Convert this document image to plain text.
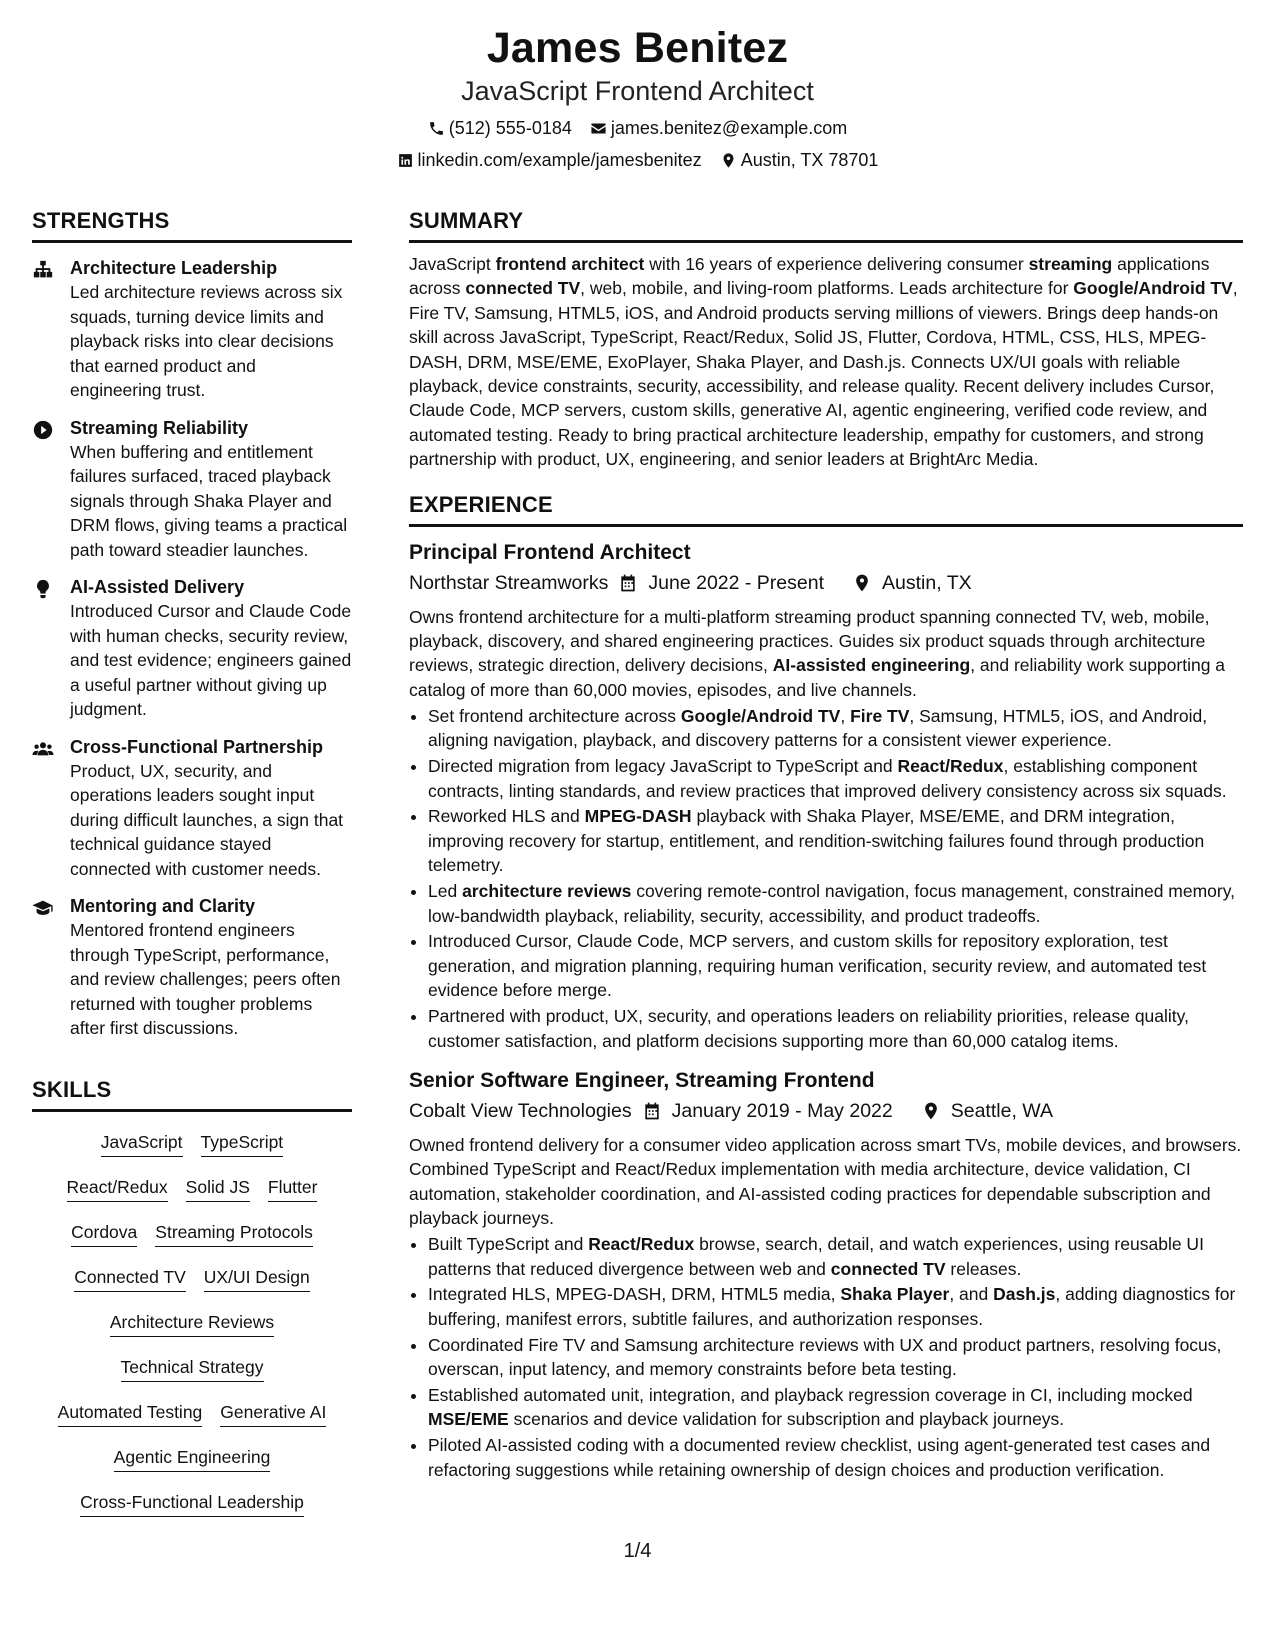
James Benitez
JavaScript Frontend Architect
(512) 555-0184 james.benitez@example.com
linkedin.com/example/jamesbenitez Austin, TX 78701
STRENGTHS
Architecture Leadership
Led architecture reviews across six squads, turning device limits and playback risks into clear decisions that earned product and engineering trust.
Streaming Reliability
When buffering and entitlement failures surfaced, traced playback signals through Shaka Player and DRM flows, giving teams a practical path toward steadier launches.
AI-Assisted Delivery
Introduced Cursor and Claude Code with human checks, security review, and test evidence; engineers gained a useful partner without giving up judgment.
Cross-Functional Partnership
Product, UX, security, and operations leaders sought input during difficult launches, a sign that technical guidance stayed connected with customer needs.
Mentoring and Clarity
Mentored frontend engineers through TypeScript, performance, and review challenges; peers often returned with tougher problems after first discussions.
SKILLS
JavaScript TypeScript
React/Redux Solid JS Flutter
Cordova Streaming Protocols
Connected TV UX/UI Design
Architecture Reviews
Technical Strategy
Automated Testing Generative AI
Agentic Engineering
Cross-Functional Leadership
SUMMARY
JavaScript frontend architect with 16 years of experience delivering consumer streaming applications across connected TV, web, mobile, and living-room platforms. Leads architecture for Google/Android TV, Fire TV, Samsung, HTML5, iOS, and Android products serving millions of viewers. Brings deep hands-on skill across JavaScript, TypeScript, React/Redux, Solid JS, Flutter, Cordova, HTML, CSS, HLS, MPEG-DASH, DRM, MSE/EME, ExoPlayer, Shaka Player, and Dash.js. Connects UX/UI goals with reliable playback, device constraints, security, accessibility, and release quality. Recent delivery includes Cursor, Claude Code, MCP servers, custom skills, generative AI, agentic engineering, verified code review, and automated testing. Ready to bring practical architecture leadership, empathy for customers, and strong partnership with product, UX, engineering, and senior leaders at BrightArc Media.
EXPERIENCE
Principal Frontend Architect
Northstar Streamworks June 2022 - Present	Austin, TX
Owns frontend architecture for a multi-platform streaming product spanning connected TV, web, mobile, playback, discovery, and shared engineering practices. Guides six product squads through architecture reviews, strategic direction, delivery decisions, AI-assisted engineering, and reliability work supporting a catalog of more than 60,000 movies, episodes, and live channels.
• Set frontend architecture across Google/Android TV, Fire TV, Samsung, HTML5, iOS, and Android, aligning navigation, playback, and discovery patterns for a consistent viewer experience.
• Directed migration from legacy JavaScript to TypeScript and React/Redux, establishing component contracts, linting standards, and review practices that improved delivery consistency across six squads.
• Reworked HLS and MPEG-DASH playback with Shaka Player, MSE/EME, and DRM integration, improving recovery for startup, entitlement, and rendition-switching failures found through production telemetry.
• Led architecture reviews covering remote-control navigation, focus management, constrained memory, low-bandwidth playback, reliability, security, accessibility, and product tradeoffs.
• Introduced Cursor, Claude Code, MCP servers, and custom skills for repository exploration, test generation, and migration planning, requiring human verification, security review, and automated test evidence before merge.
• Partnered with product, UX, security, and operations leaders on reliability priorities, release quality, customer satisfaction, and platform decisions supporting more than 60,000 catalog items.
Senior Software Engineer, Streaming Frontend
Cobalt View Technologies January 2019 - May 2022	Seattle, WA
Owned frontend delivery for a consumer video application across smart TVs, mobile devices, and browsers. Combined TypeScript and React/Redux implementation with media architecture, device validation, CI automation, stakeholder coordination, and AI-assisted coding practices for dependable subscription and playback journeys.
• Built TypeScript and React/Redux browse, search, detail, and watch experiences, using reusable UI patterns that reduced divergence between web and connected TV releases.
• Integrated HLS, MPEG-DASH, DRM, HTML5 media, Shaka Player, and Dash.js, adding diagnostics for buffering, manifest errors, subtitle failures, and authorization responses.
• Coordinated Fire TV and Samsung architecture reviews with UX and product partners, resolving focus, overscan, input latency, and memory constraints before beta testing.
• Established automated unit, integration, and playback regression coverage in CI, including mocked MSE/EME scenarios and device validation for subscription and playback journeys.
• Piloted AI-assisted coding with a documented review checklist, using agent-generated test cases and refactoring suggestions while retaining ownership of design choices and production verification.
1/4
